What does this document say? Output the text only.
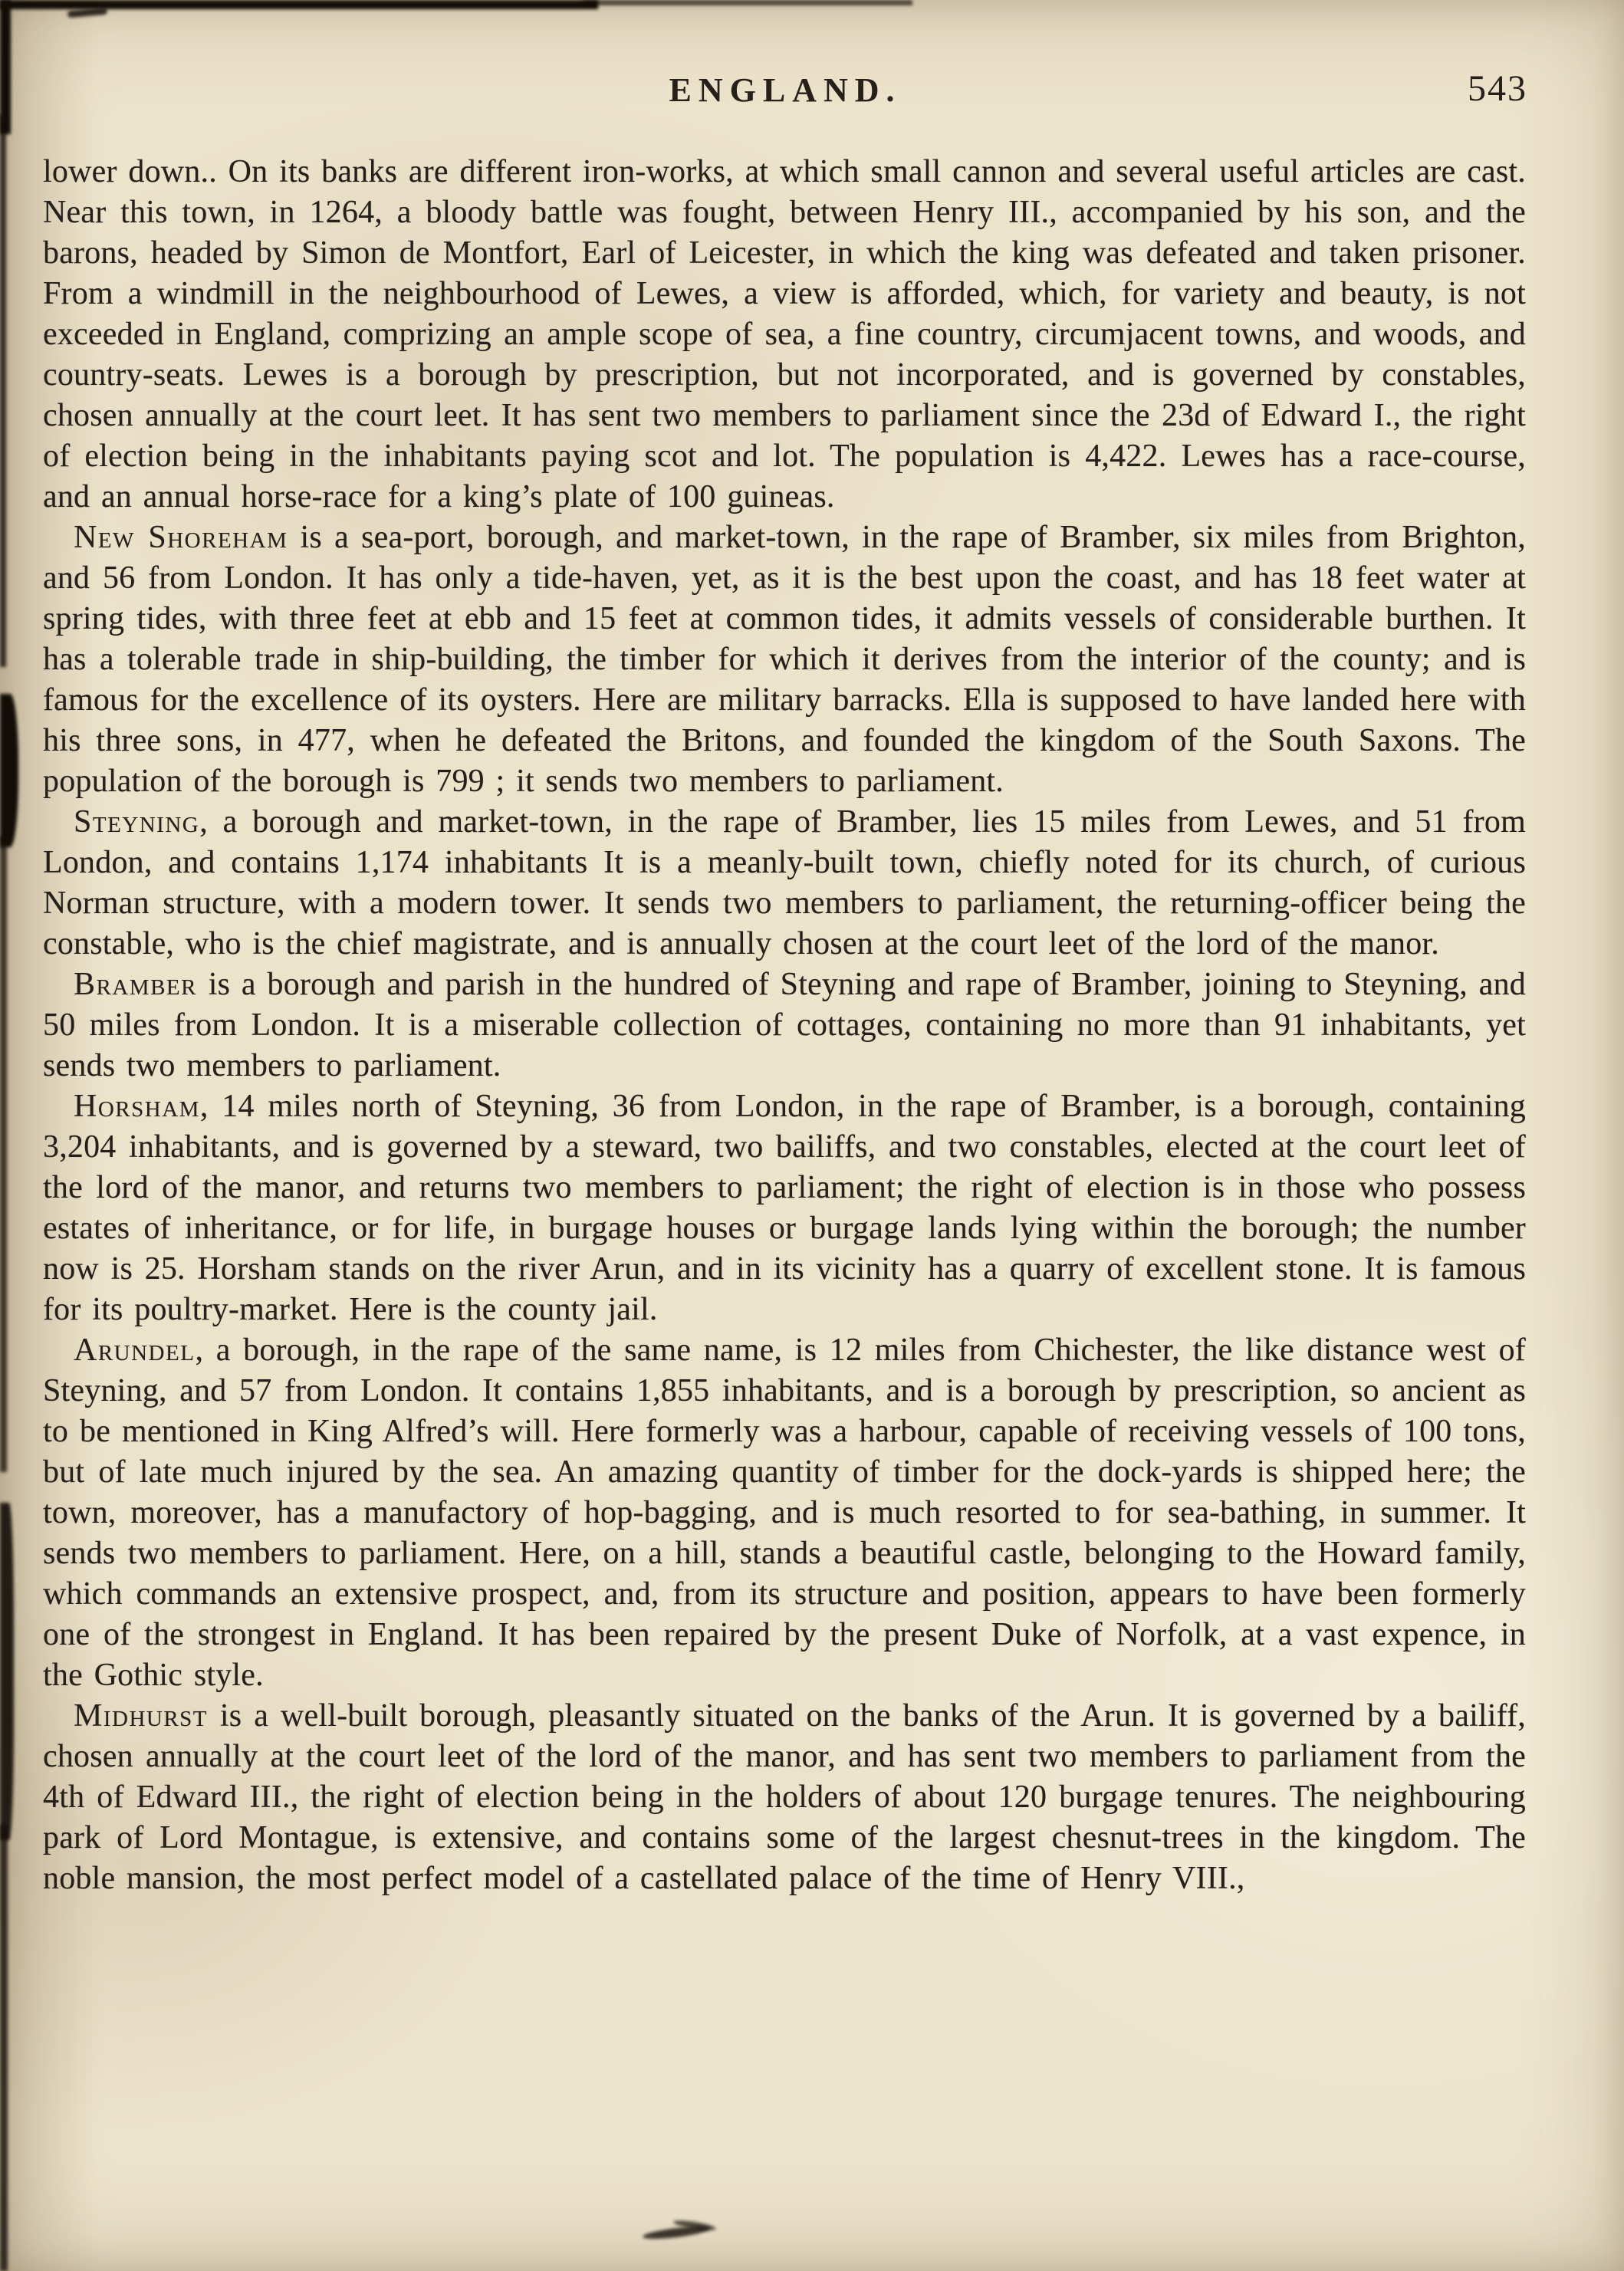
ENGLAND.	543

lower down.. On its banks are different iron-works, at which small cannon and several useful articles are cast. Near this town, in 1264, a bloody battle was fought, between Henry III., accompanied by his son, and the barons, headed by Simon de Montfort, Earl of Leicester, in which the king was defeated and taken prisoner. From a windmill in the neighbourhood of Lewes, a view is afforded, which, for variety and beauty, is not exceeded in England, comprizing an ample scope of sea, a fine country, circumjacent towns, and woods, and country-seats. Lewes is a borough by prescription, but not incorporated, and is governed by constables, chosen annually at the court leet. It has sent two members to parliament since the 23d of Edward I., the right of election being in the inhabitants paying scot and lot. The population is 4,422. Lewes has a race-course, and an annual horse-race for a king’s plate of 100 guineas.

New Shoreham is a sea-port, borough, and market-town, in the rape of Bramber, six miles from Brighton, and 56 from London. It has only a tide-haven, yet, as it is the best upon the coast, and has 18 feet water at spring tides, with three feet at ebb and 15 feet at common tides, it admits vessels of considerable burthen. It has a tolerable trade in ship-building, the timber for which it derives from the interior of the county; and is famous for the excellence of its oysters. Here are military barracks. Ella is supposed to have landed here with his three sons, in 477, when he defeated the Britons, and founded the kingdom of the South Saxons. The population of the borough is 799 ; it sends two members to parliament.

Steyning, a borough and market-town, in the rape of Bramber, lies 15 miles from Lewes, and 51 from London, and contains 1,174 inhabitants It is a meanly-built town, chiefly noted for its church, of curious Norman structure, with a modern tower. It sends two members to parliament, the returning-officer being the constable, who is the chief magistrate, and is annually chosen at the court leet of the lord of the manor.

Bramber is a borough and parish in the hundred of Steyning and rape of Bramber, joining to Steyning, and 50 miles from London. It is a miserable collection of cottages, containing no more than 91 inhabitants, yet sends two members to parliament.

Horsham, 14 miles north of Steyning, 36 from London, in the rape of Bramber, is a borough, containing 3,204 inhabitants, and is governed by a steward, two bailiffs, and two constables, elected at the court leet of the lord of the manor, and returns two members to parliament; the right of election is in those who possess estates of inheritance, or for life, in burgage houses or burgage lands lying within the borough; the number now is 25. Horsham stands on the river Arun, and in its vicinity has a quarry of excellent stone. It is famous for its poultry-market. Here is the county jail.

Arundel, a borough, in the rape of the same name, is 12 miles from Chichester, the like distance west of Steyning, and 57 from London. It contains 1,855 inhabitants, and is a borough by prescription, so ancient as to be mentioned in King Alfred’s will. Here formerly was a harbour, capable of receiving vessels of 100 tons, but of late much injured by the sea. An amazing quantity of timber for the dock-yards is shipped here; the town, moreover, has a manufactory of hop-bagging, and is much resorted to for sea-bathing, in summer. It sends two members to parliament. Here, on a hill, stands a beautiful castle, belonging to the Howard family, which commands an extensive prospect, and, from its structure and position, appears to have been formerly one of the strongest in England. It has been repaired by the present Duke of Norfolk, at a vast expence, in the Gothic style.

Midhurst is a well-built borough, pleasantly situated on the banks of the Arun. It is governed by a bailiff, chosen annually at the court leet of the lord of the manor, and has sent two members to parliament from the 4th of Edward III., the right of election being in the holders of about 120 burgage tenures. The neighbouring park of Lord Montague, is extensive, and contains some of the largest chesnut-trees in the kingdom. The noble mansion, the most perfect model of a castellated palace of the time of Henry VIII.,
